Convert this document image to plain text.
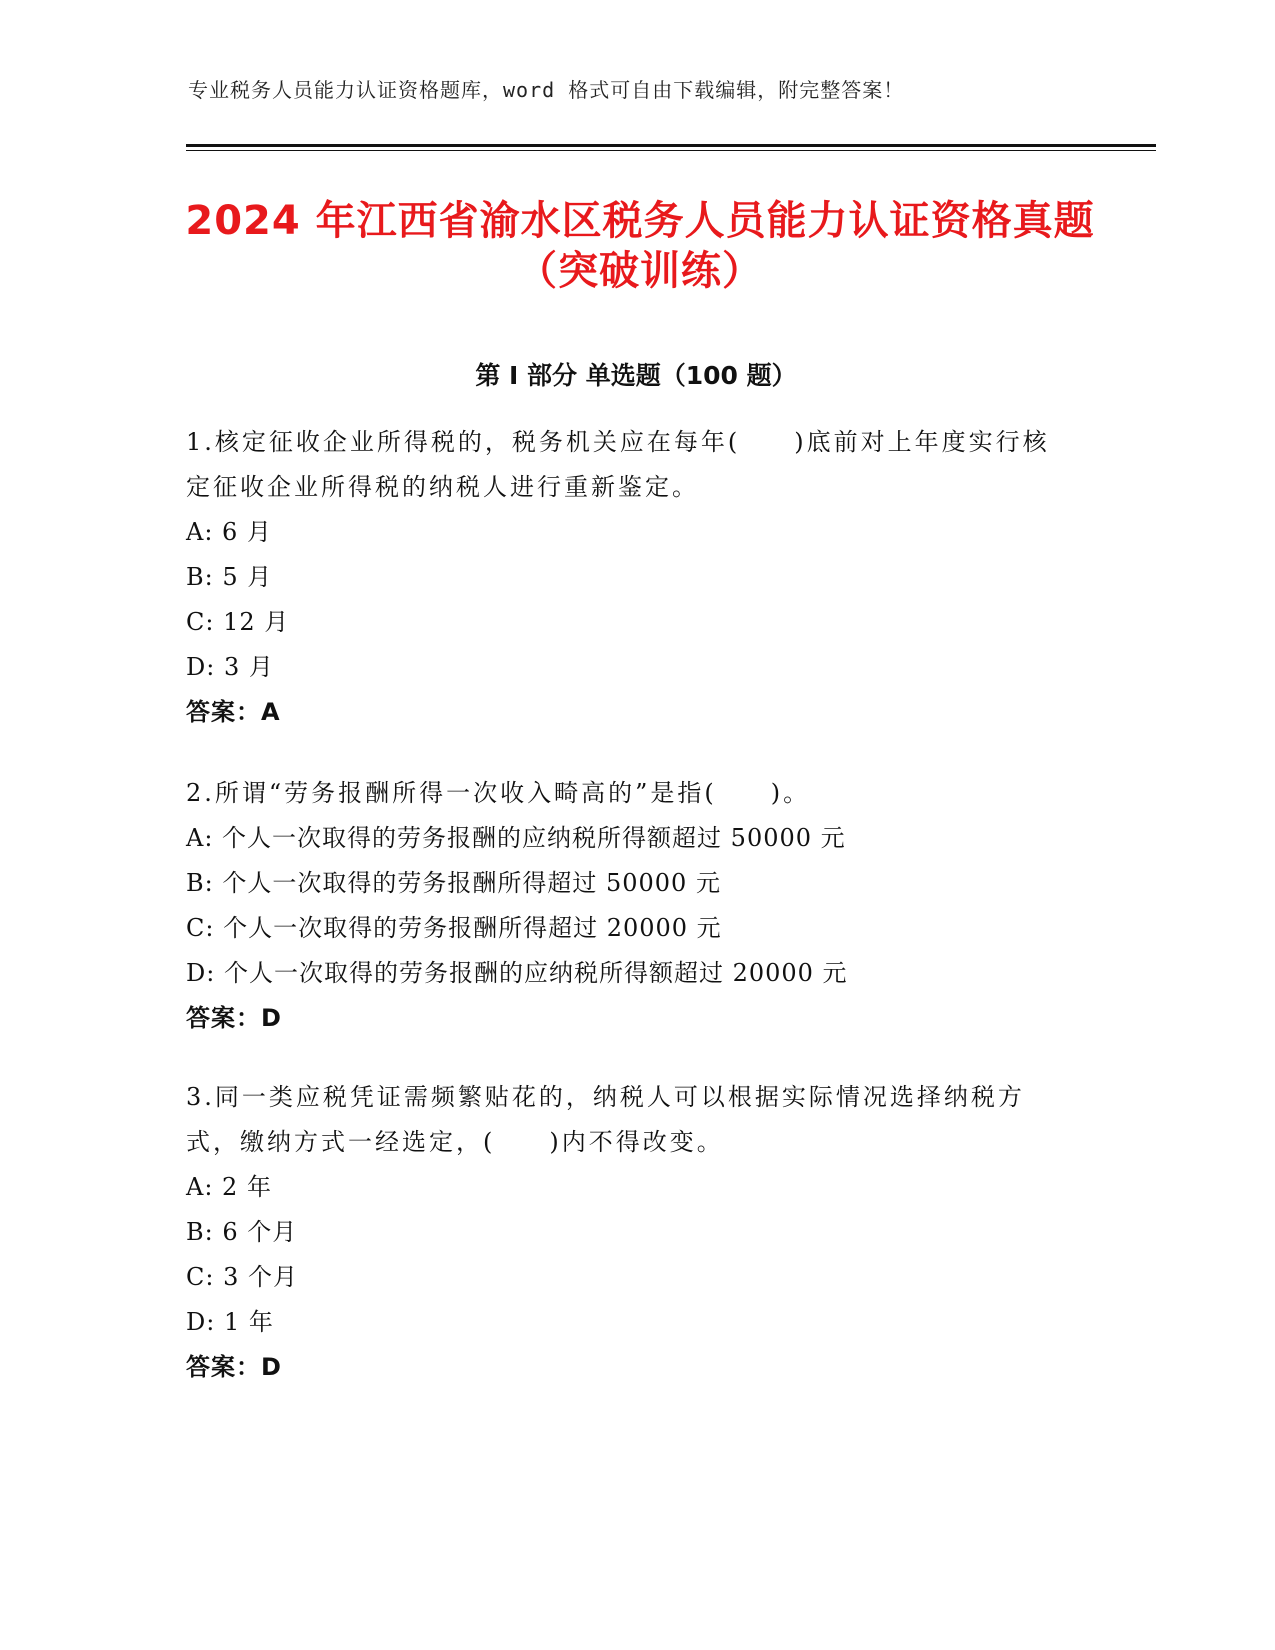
专业税务人员能力认证资格题库，word 格式可自由下载编辑，附完整答案！
2024 年江西省渝水区税务人员能力认证资格真题（突破训练）
第 I 部分 单选题（100 题）
1.核定征收企业所得税的，税务机关应在每年(　　)底前对上年度实行核定征收企业所得税的纳税人进行重新鉴定。
A: 6 月
B: 5 月
C: 12 月
D: 3 月
答案：A
2.所谓“劳务报酬所得一次收入畸高的”是指(　　)。
A: 个人一次取得的劳务报酬的应纳税所得额超过 50000 元
B: 个人一次取得的劳务报酬所得超过 50000 元
C: 个人一次取得的劳务报酬所得超过 20000 元
D: 个人一次取得的劳务报酬的应纳税所得额超过 20000 元
答案：D
3.同一类应税凭证需频繁贴花的，纳税人可以根据实际情况选择纳税方式，缴纳方式一经选定，(　　)内不得改变。
A: 2 年
B: 6 个月
C: 3 个月
D: 1 年
答案：D
